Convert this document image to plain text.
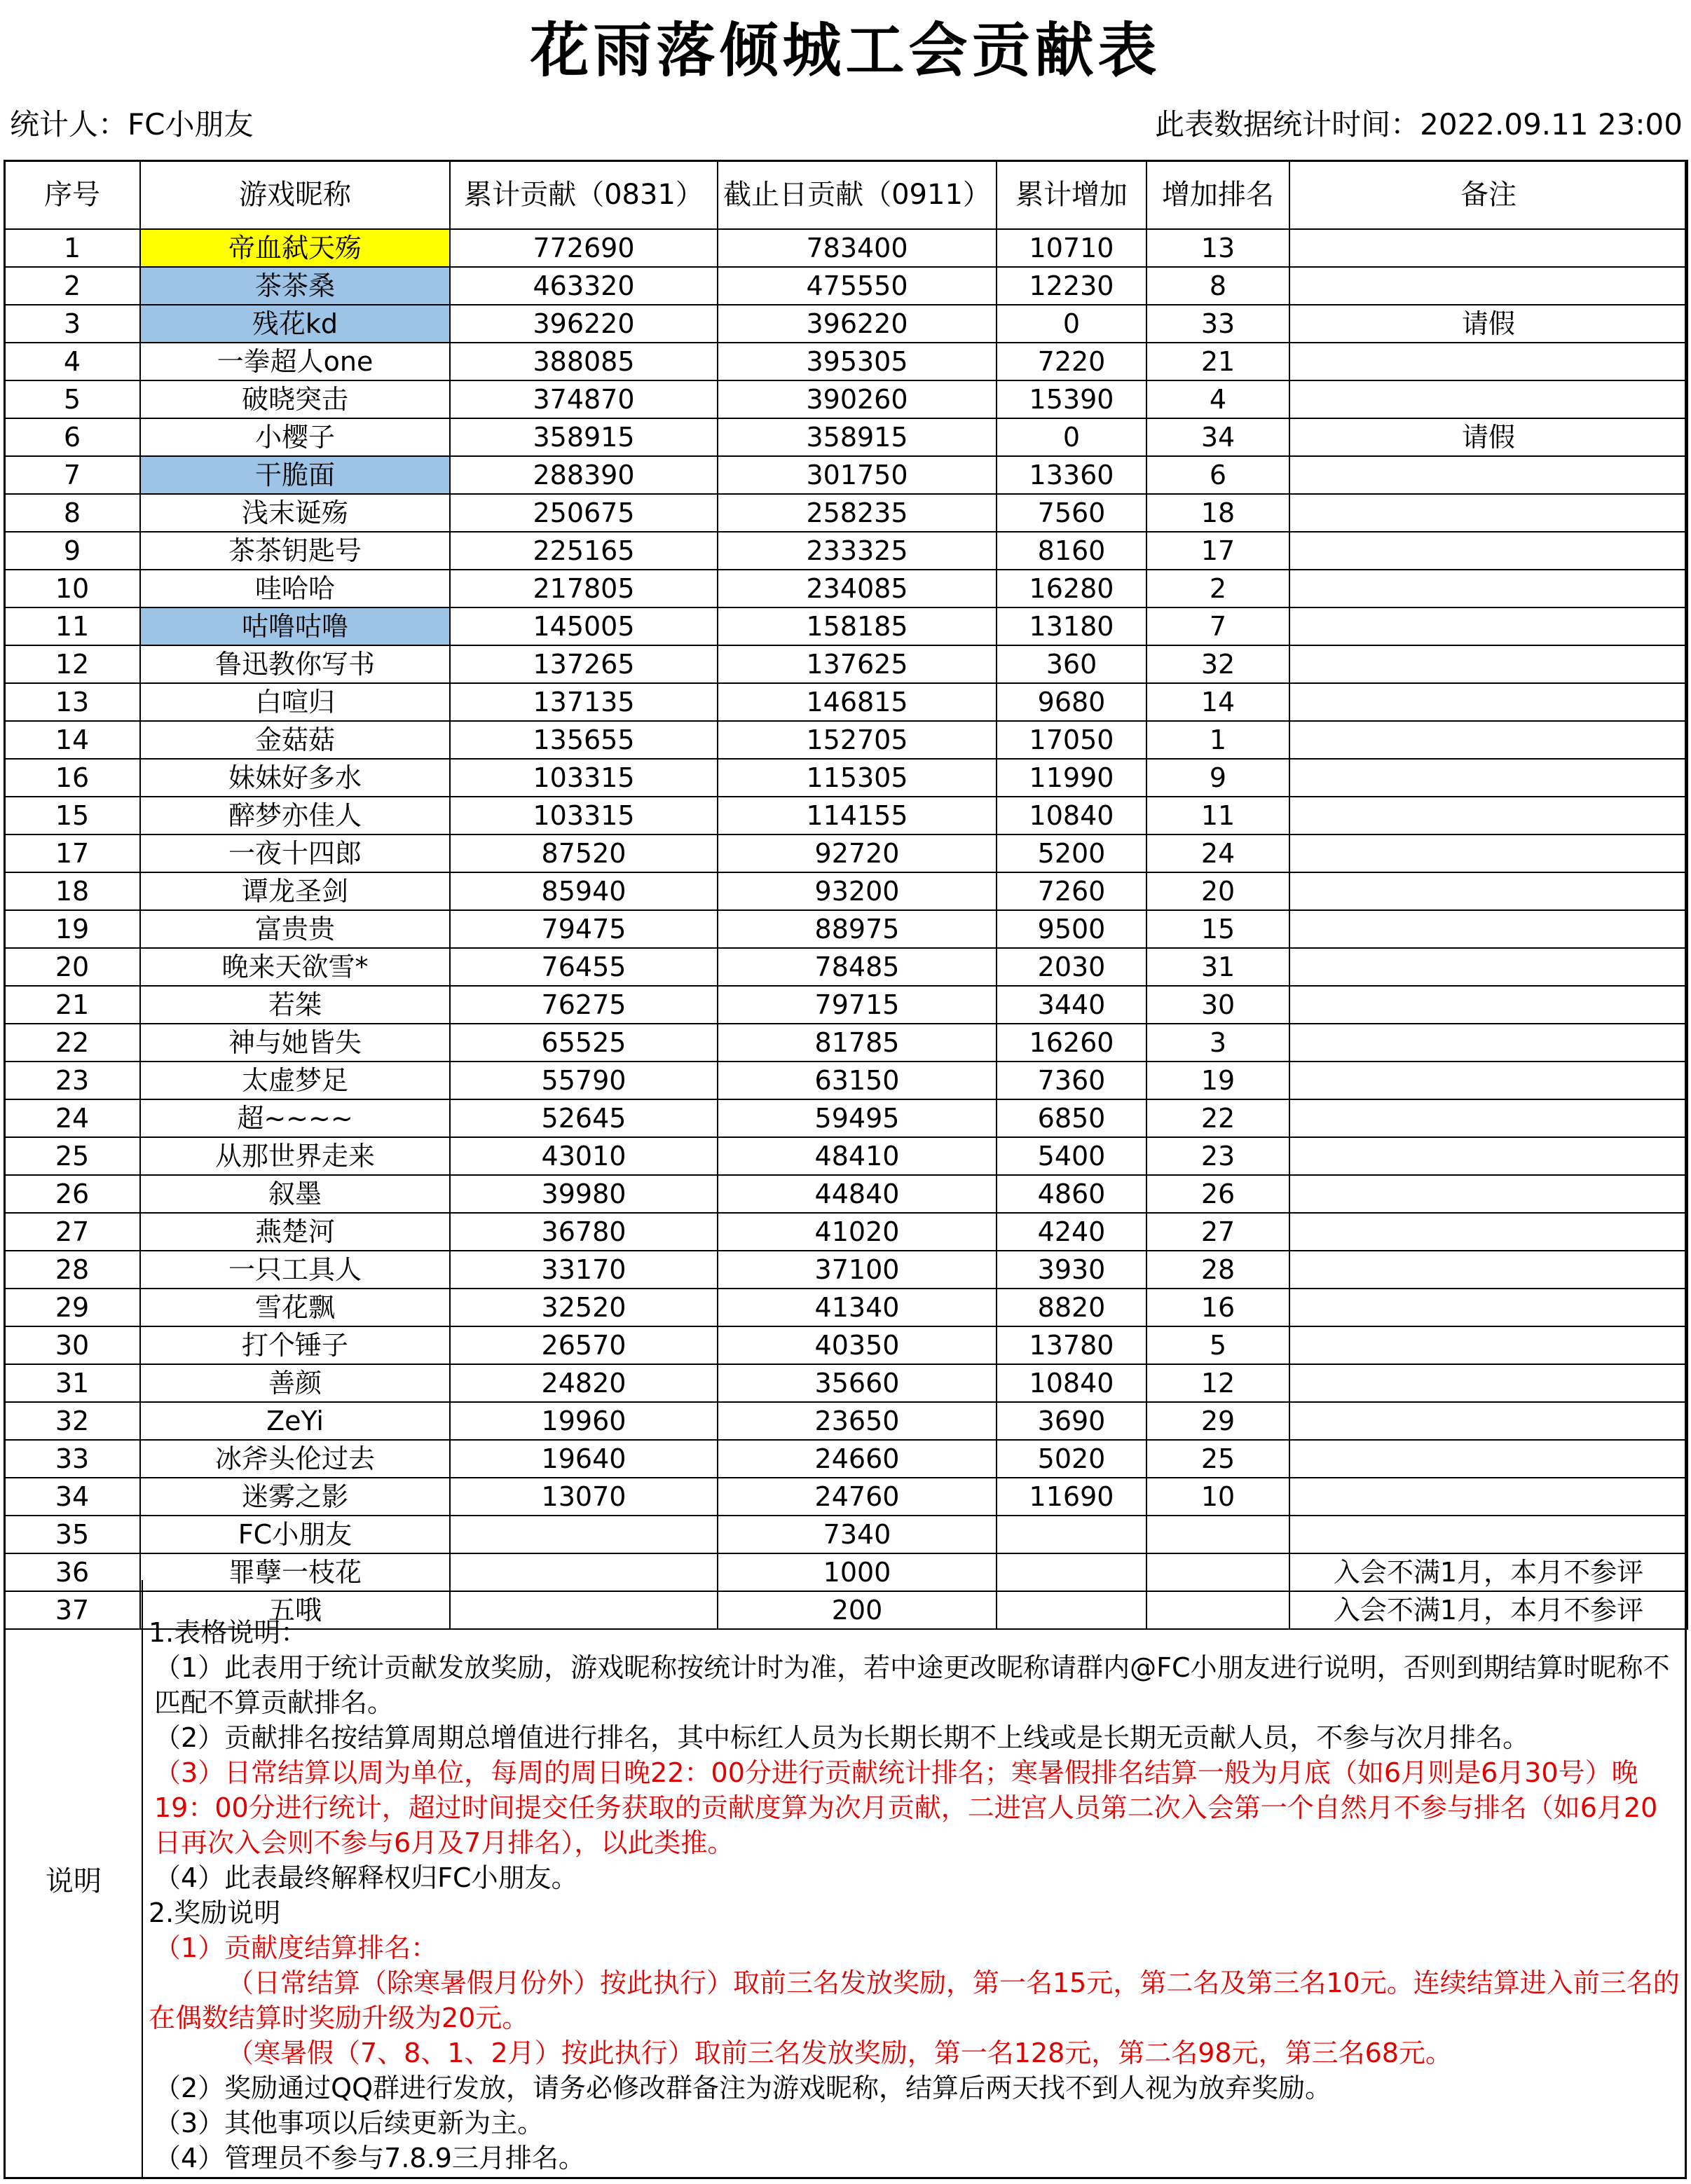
花雨落倾城工会贡献表
统计人：FC小朋友	此表数据统计时间：2022.09.11 23:00
序号	游戏昵称	累计贡献（0831）	截止日贡献（0911）	累计增加	增加排名	备注
1	帝血弑天殇	772690	783400	10710	13	
2	茶茶桑	463320	475550	12230	8	
3	残花kd	396220	396220	0	33	请假
4	一拳超人one	388085	395305	7220	21	
5	破晓突击	374870	390260	15390	4	
6	小樱子	358915	358915	0	34	请假
7	干脆面	288390	301750	13360	6	
8	浅末诞殇	250675	258235	7560	18	
9	茶茶钥匙号	225165	233325	8160	17	
10	哇哈哈	217805	234085	16280	2	
11	咕噜咕噜	145005	158185	13180	7	
12	鲁迅教你写书	137265	137625	360	32	
13	白喧归	137135	146815	9680	14	
14	金菇菇	135655	152705	17050	1	
16	妹妹好多水	103315	115305	11990	9	
15	醉梦亦佳人	103315	114155	10840	11	
17	一夜十四郎	87520	92720	5200	24	
18	谭龙圣剑	85940	93200	7260	20	
19	富贵贵	79475	88975	9500	15	
20	晚来天欲雪*	76455	78485	2030	31	
21	若桀	76275	79715	3440	30	
22	神与她皆失	65525	81785	16260	3	
23	太虚梦足	55790	63150	7360	19	
24	超~~~~	52645	59495	6850	22	
25	从那世界走来	43010	48410	5400	23	
26	叙墨	39980	44840	4860	26	
27	燕楚河	36780	41020	4240	27	
28	一只工具人	33170	37100	3930	28	
29	雪花飘	32520	41340	8820	16	
30	打个锤子	26570	40350	13780	5	
31	善颜	24820	35660	10840	12	
32	ZeYi	19960	23650	3690	29	
33	冰斧头伦过去	19640	24660	5020	25	
34	迷雾之影	13070	24760	11690	10	
35	FC小朋友		7340			
36	罪孽一枝花		1000			入会不满1月，本月不参评
37	五哦		200			入会不满1月，本月不参评
说明

1.表格说明：

（1）此表用于统计贡献发放奖励，游戏昵称按统计时为准，若中途更改昵称请群内@FC小朋友进行说明，否则到期结算时昵称不匹配不算贡献排名。

（2）贡献排名按结算周期总增值进行排名，其中标红人员为长期长期不上线或是长期无贡献人员，不参与次月排名。

（3）日常结算以周为单位，每周的周日晚22：00分进行贡献统计排名；寒暑假排名结算一般为月底（如6月则是6月30号）晚19：00分进行统计，超过时间提交任务获取的贡献度算为次月贡献，二进宫人员第二次入会第一个自然月不参与排名（如6月20日再次入会则不参与6月及7月排名），以此类推。

（4）此表最终解释权归FC小朋友。

2.奖励说明

（1）贡献度结算排名：

（日常结算（除寒暑假月份外）按此执行）取前三名发放奖励，第一名15元，第二名及第三名10元。连续结算进入前三名的在偶数结算时奖励升级为20元。

（寒暑假（7、8、1、2月）按此执行）取前三名发放奖励，第一名128元，第二名98元，第三名68元。

（2）奖励通过QQ群进行发放，请务必修改群备注为游戏昵称，结算后两天找不到人视为放弃奖励。

（3）其他事项以后续更新为主。

（4）管理员不参与7.8.9三月排名。
